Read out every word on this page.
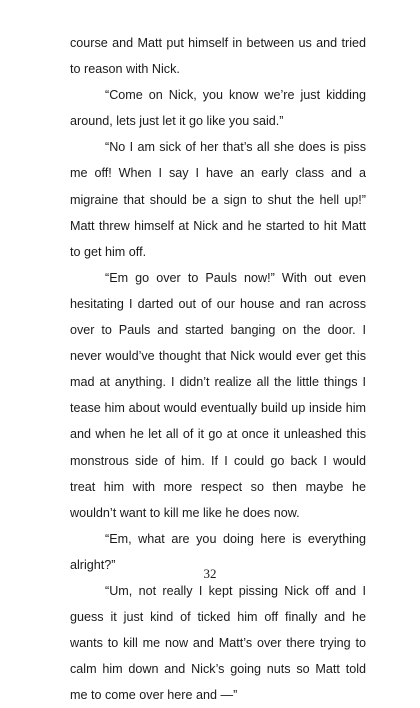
course and Matt put himself in between us and tried to reason with Nick.

“Come on Nick, you know we’re just kidding around, lets just let it go like you said.”

“No I am sick of her that’s all she does is piss me off! When I say I have an early class and a migraine that should be a sign to shut the hell up!” Matt threw himself at Nick and he started to hit Matt to get him off.

“Em go over to Pauls now!” With out even hesitating I darted out of our house and ran across over to Pauls and started banging on the door. I never would’ve thought that Nick would ever get this mad at anything. I didn’t realize all the little things I tease him about would eventually build up inside him and when he let all of it go at once it unleashed this monstrous side of him. If I could go back I would treat him with more respect so then maybe he wouldn’t want to kill me like he does now.

“Em, what are you doing here is everything alright?”

“Um, not really I kept pissing Nick off and I guess it just kind of ticked him off finally and he wants to kill me now and Matt’s over there trying to calm him down and Nick’s going nuts so Matt told me to come over here and —”

32
